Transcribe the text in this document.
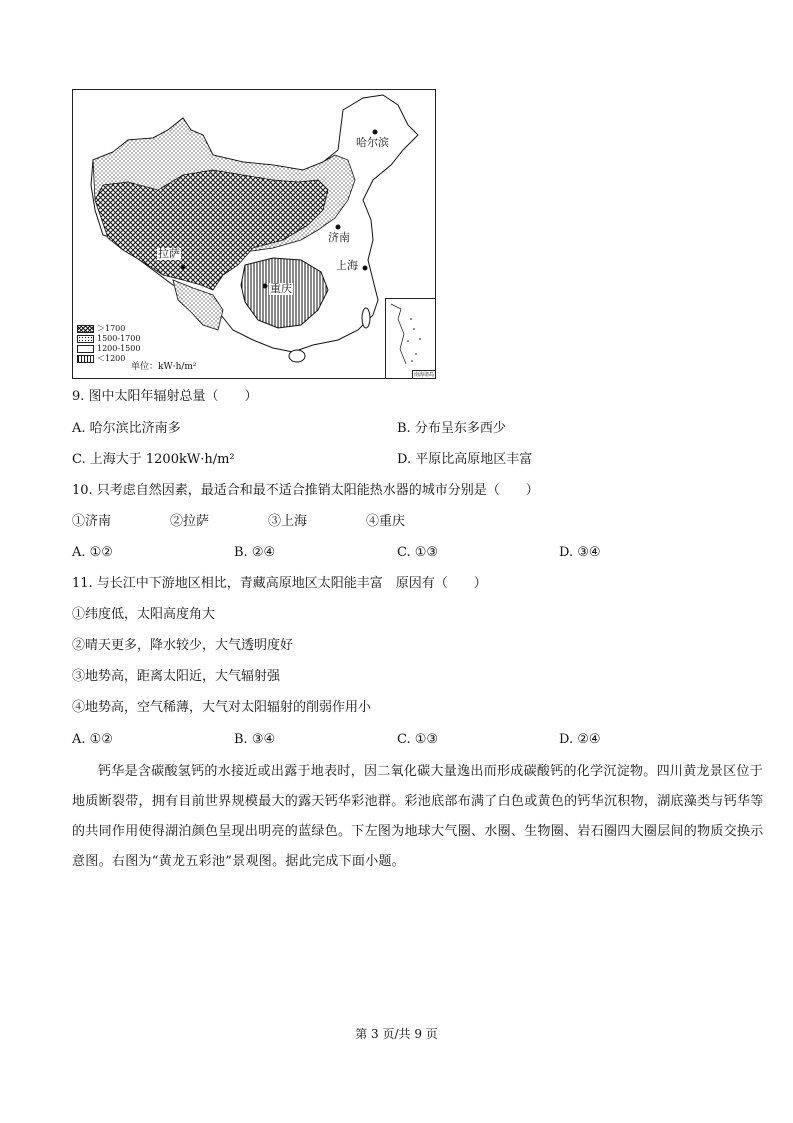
哈尔滨
济南
拉萨
上海
重庆
＞1700
1500-1700
1200-1500
＜1200
单位：kW·h/m²
南海诸岛
9. 图中太阳年辐射总量（　　）
A. 哈尔滨比济南多	B. 分布呈东多西少
C. 上海大于 1200kW·h/m²	D. 平原比高原地区丰富
10. 只考虑自然因素，最适合和最不适合推销太阳能热水器的城市分别是（　　）
①济南	②拉萨	③上海	④重庆
A. ①②	B. ②④	C. ①③	D. ③④
11. 与长江中下游地区相比，青藏高原地区太阳能丰富　原因有（　　）
①纬度低，太阳高度角大
②晴天更多，降水较少，大气透明度好
③地势高，距离太阳近，大气辐射强
④地势高，空气稀薄，大气对太阳辐射的削弱作用小
A. ①②	B. ③④	C. ①③	D. ②④
钙华是含碳酸氢钙的水接近或出露于地表时，因二氧化碳大量逸出而形成碳酸钙的化学沉淀物。四川黄龙景区位于地质断裂带，拥有目前世界规模最大的露天钙华彩池群。彩池底部布满了白色或黄色的钙华沉积物，湖底藻类与钙华等的共同作用使得湖泊颜色呈现出明亮的蓝绿色。下左图为地球大气圈、水圈、生物圈、岩石圈四大圈层间的物质交换示意图。右图为“黄龙五彩池”景观图。据此完成下面小题。
第 3 页/共 9 页
